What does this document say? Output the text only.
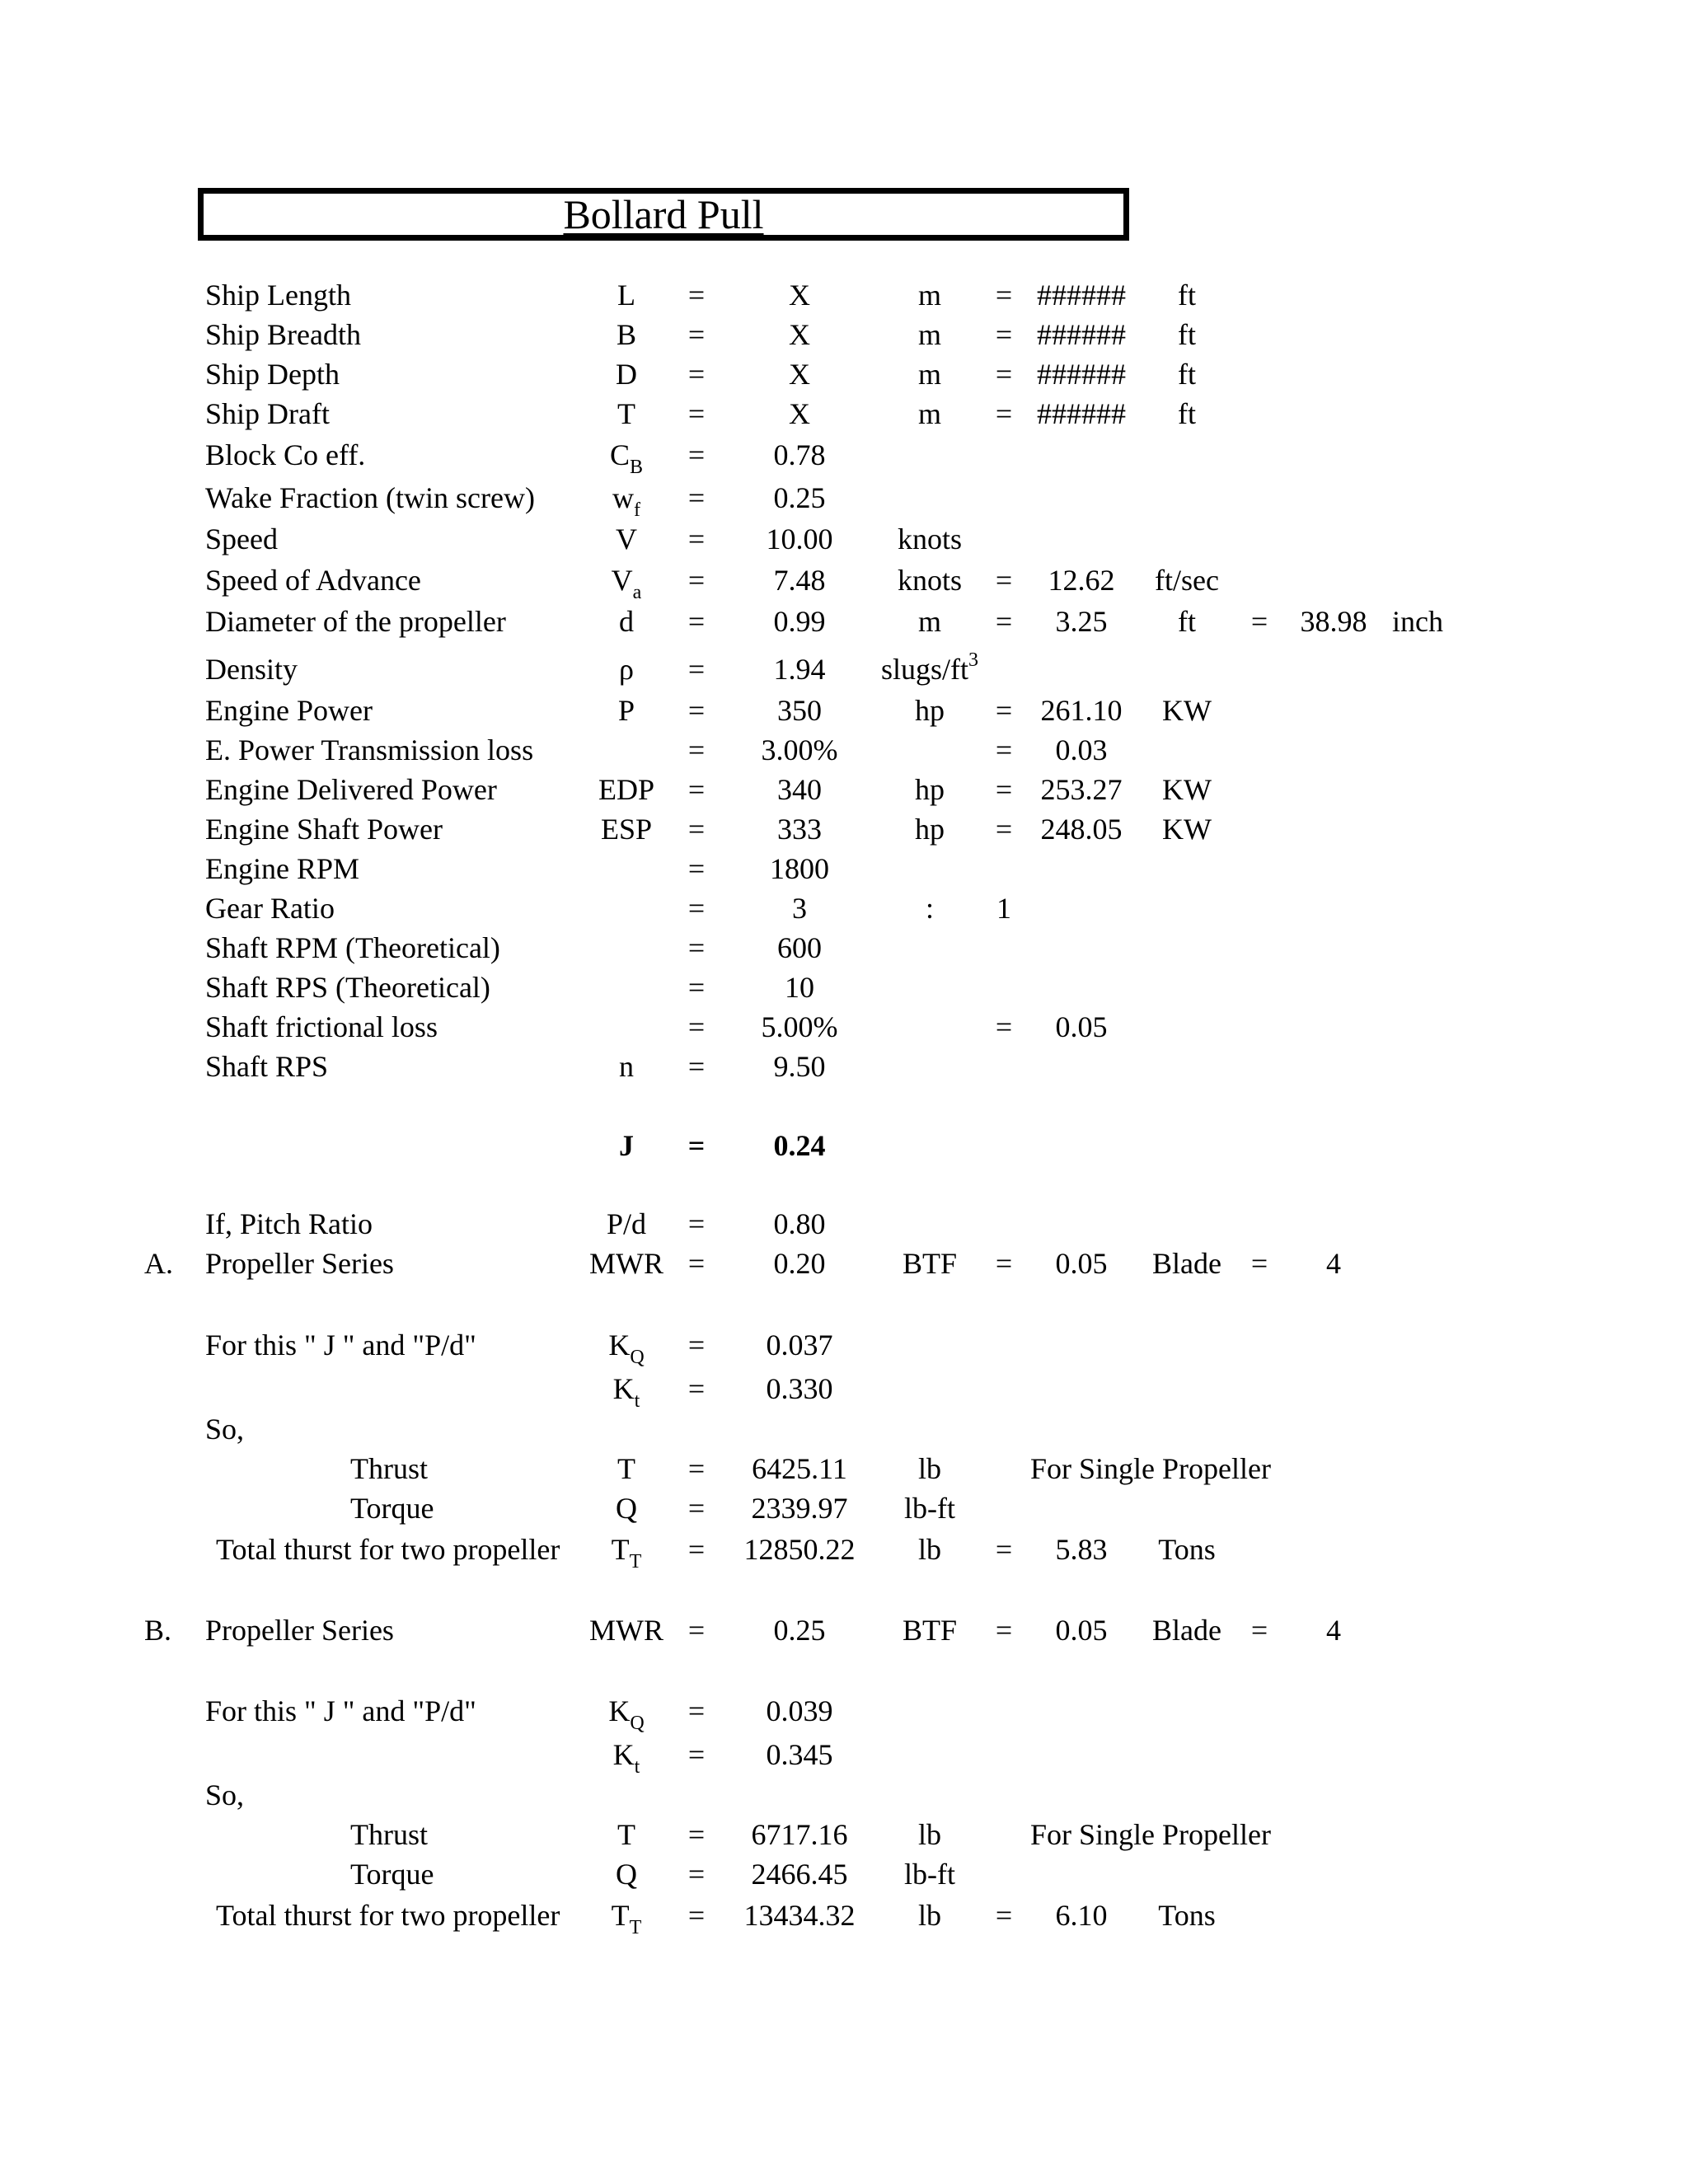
Bollard Pull
Ship Length	L	=	X	m	= ######	ft
Ship Breadth	B	=	X	m	= ######	ft
Ship Depth	D	=	X	m	= ######	ft
Ship Draft	T	=	X	m	= ######	ft
Block Co eff.	$C_B$	=	0.78
Wake Fraction (twin screw)	$w_f$	=	0.25
Speed	V	=	10.00	knots
Speed of Advance	$V_a$	=	7.48	knots	=	12.62	ft/sec
Diameter of the propeller	d	=	0.99	m	=	3.25	ft	=	38.98 inch
Density	ρ	=	1.94	slugs/$ft^3$
Engine Power	P	=	350	hp	= 261.10	KW
E. Power Transmission loss	=	3.00%	=	0.03
Engine Delivered Power	EDP	=	340	hp	= 253.27	KW
Engine Shaft Power	ESP	=	333	hp	= 248.05	KW
Engine RPM	=	1800
Gear Ratio	=	3	:	1
Shaft RPM (Theoretical)	=	600
Shaft RPS (Theoretical)	=	10
Shaft frictional loss	=	5.00%	=	0.05
Shaft RPS	n	=	9.50
J	=	0.24
If, Pitch Ratio	P/d	=	0.80
A. Propeller Series	MWR =	0.20	BTF	=	0.05	Blade =	4
For this " J " and "P/d"	$K_Q$	=	0.037
$K_t$	=	0.330
So,
Thrust	T	=	6425.11	lb	For Single Propeller
Torque	Q	=	2339.97	lb-ft
Total thurst for two propeller	$T_T$	=	12850.22	lb	=	5.83	Tons
B. Propeller Series	MWR =	0.25	BTF	=	0.05	Blade =	4
For this " J " and "P/d"	$K_Q$	=	0.039
$K_t$	=	0.345
So,
Thrust	T	=	6717.16	lb	For Single Propeller
Torque	Q	=	2466.45	lb-ft
Total thurst for two propeller	$T_T$	=	13434.32	lb	=	6.10	Tons
